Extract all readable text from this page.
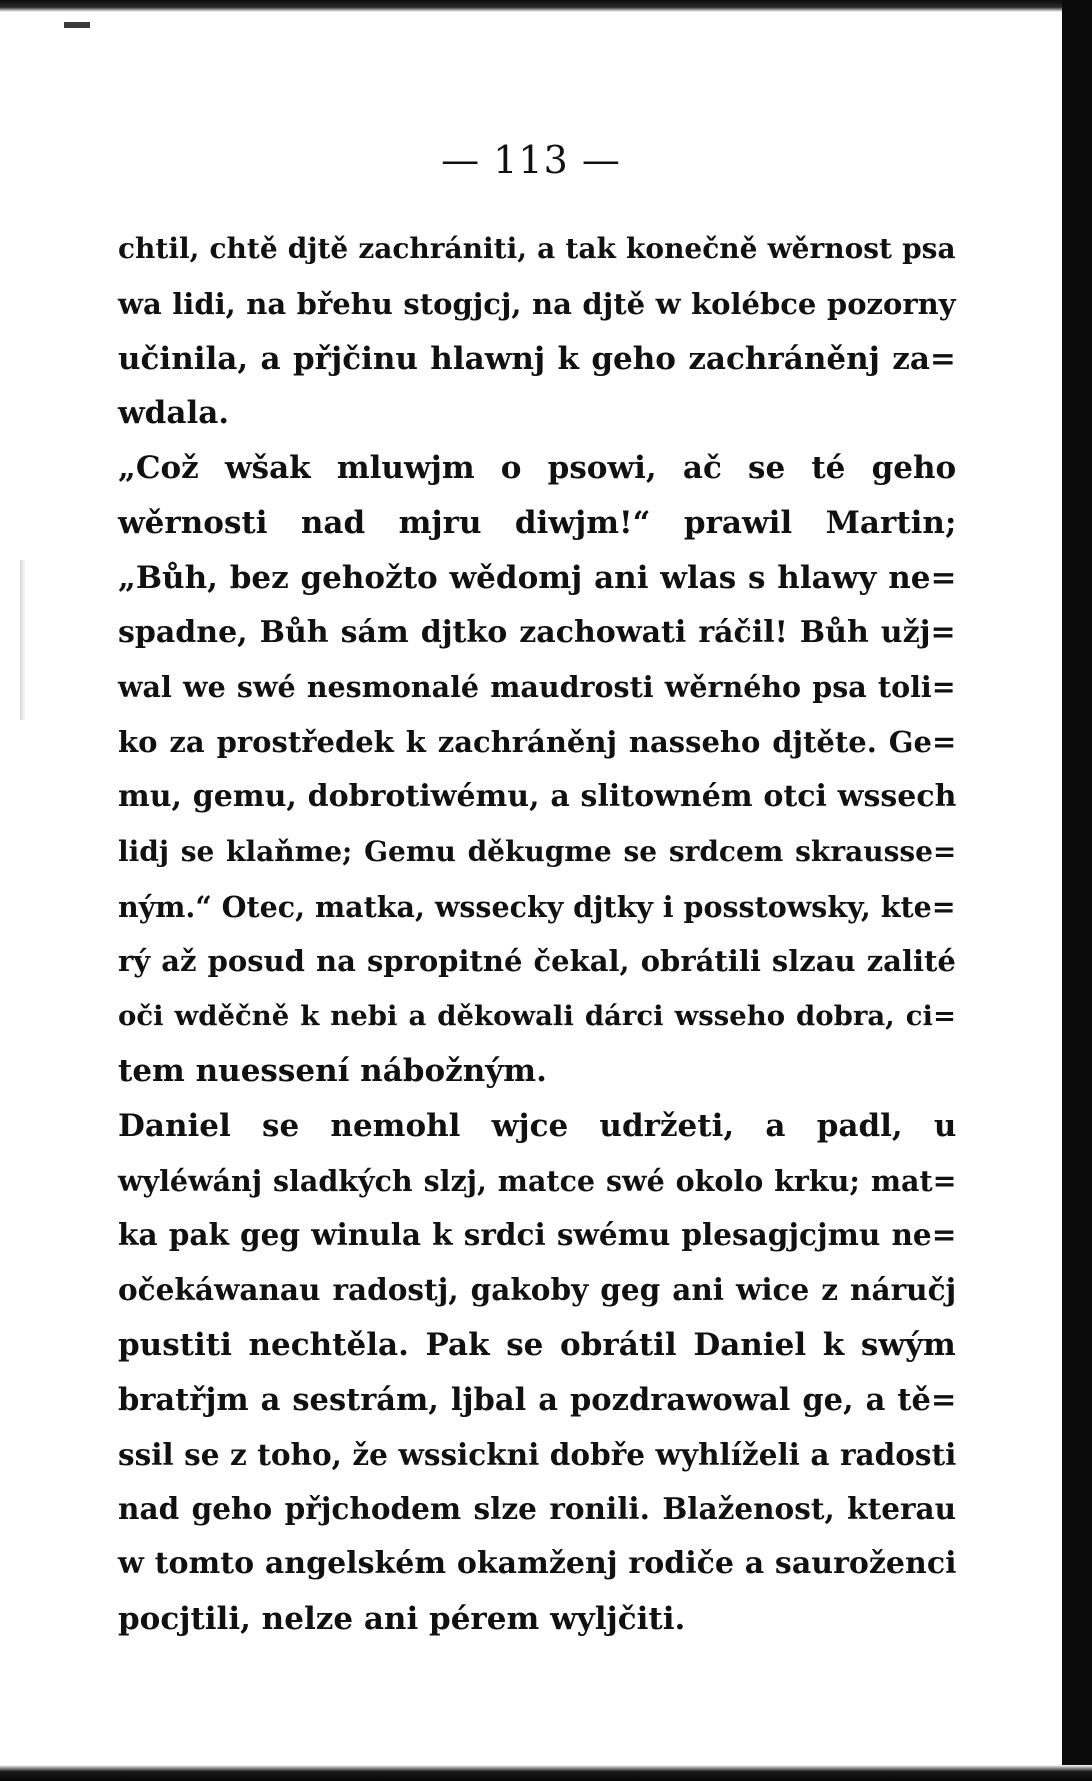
— 113 —
chtil, chtě djtě zachrániti, a tak konečně wěrnost psa
wa lidi, na břehu stogjcj, na djtě w kolébce pozorny
učinila, a přjčinu hlawnj k geho zachráněnj za=
wdala.
„Což wšak mluwjm o psowi, ač se té geho
wěrnosti nad mjru diwjm!“ prawil Martin;
„Bůh, bez gehožto wědomj ani wlas s hlawy ne=
spadne, Bůh sám djtko zachowati ráčil! Bůh užj=
wal we swé nesmonalé maudrosti wěrného psa toli=
ko za prostředek k zachráněnj nasseho djtěte. Ge=
mu, gemu, dobrotiwému, a slitowném otci wssech
lidj se klaňme; Gemu děkugme se srdcem skrausse=
ným.“ Otec, matka, wssecky djtky i posstowsky, kte=
rý až posud na spropitné čekal, obrátili slzau zalité
oči wděčně k nebi a děkowali dárci wsseho dobra, ci=
tem nuessení nábožným.
Daniel se nemohl wjce udržeti, a padl, u
wyléwánj sladkých slzj, matce swé okolo krku; mat=
ka pak geg winula k srdci swému plesagjcjmu ne=
očekáwanau radostj, gakoby geg ani wice z náručj
pustiti nechtěla. Pak se obrátil Daniel k swým
bratřjm a sestrám, ljbal a pozdrawowal ge, a tě=
ssil se z toho, že wssickni dobře wyhlíželi a radosti
nad geho přjchodem slze ronili. Blaženost, kterau
w tomto angelském okamženj rodiče a sauroženci
pocjtili, nelze ani pérem wyljčiti.
